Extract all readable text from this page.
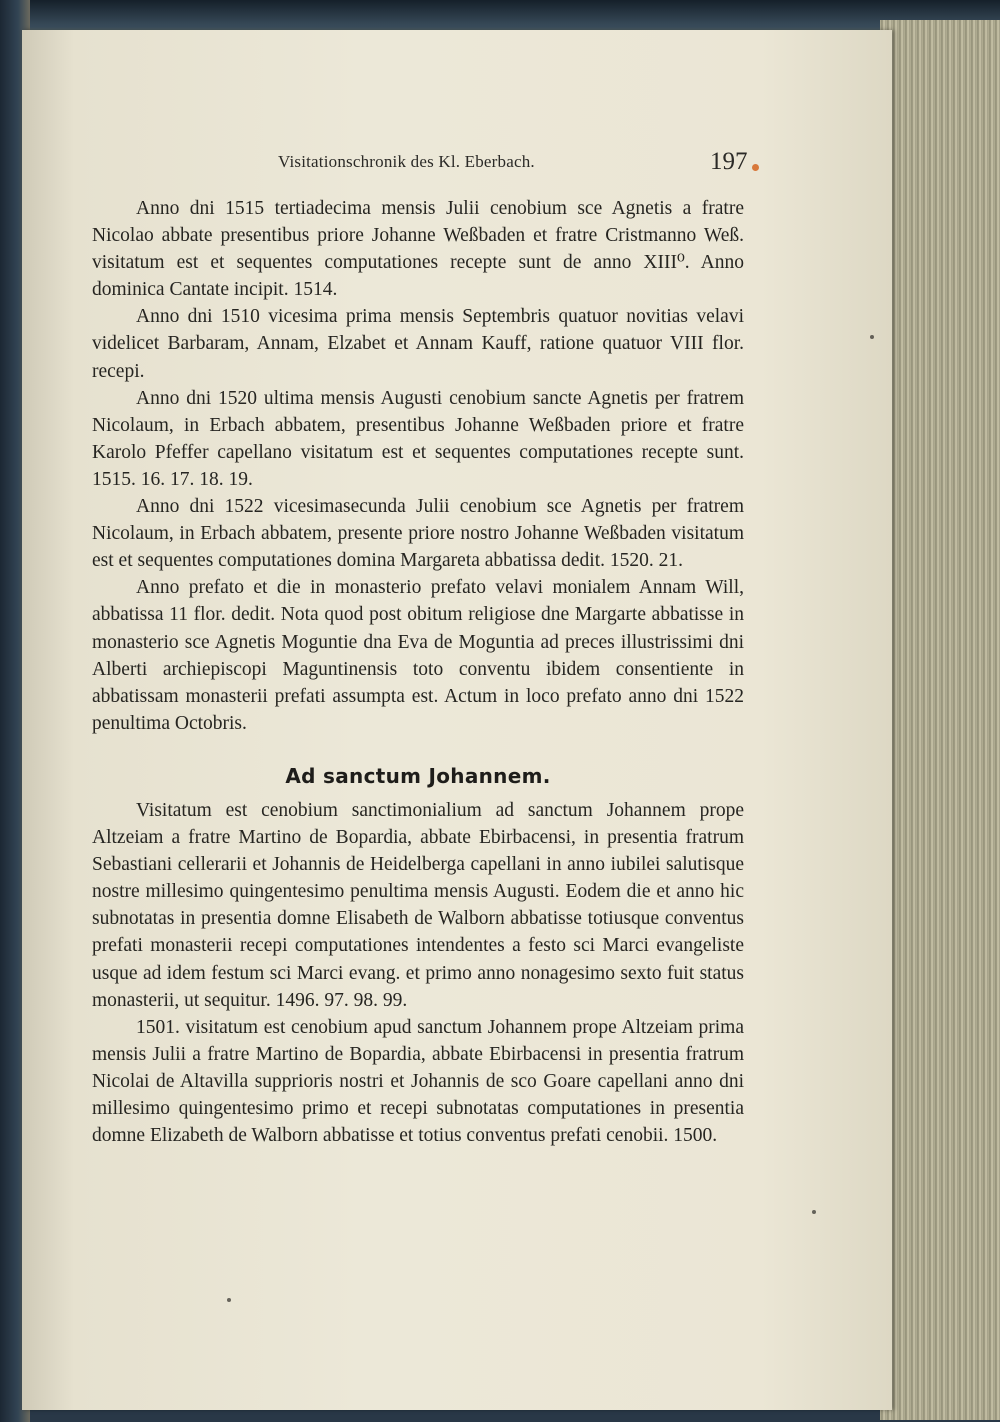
Visitationschronik des Kl. Eberbach.	197

Anno dni 1515 tertiadecima mensis Julii cenobium sce Agnetis a fratre Nicolao abbate presentibus priore Johanne Weßbaden et fratre Cristmanno Weß. visitatum est et sequentes computationes recepte sunt de anno XIII⁰. Anno dominica Cantate incipit. 1514.

Anno dni 1510 vicesima prima mensis Septembris quatuor novitias velavi videlicet Barbaram, Annam, Elzabet et Annam Kauff, ratione quatuor VIII flor. recepi.

Anno dni 1520 ultima mensis Augusti cenobium sancte Agnetis per fratrem Nicolaum, in Erbach abbatem, presentibus Johanne Weßbaden priore et fratre Karolo Pfeffer capellano visitatum est et sequentes computationes recepte sunt. 1515. 16. 17. 18. 19.

Anno dni 1522 vicesimasecunda Julii cenobium sce Agnetis per fratrem Nicolaum, in Erbach abbatem, presente priore nostro Johanne Weßbaden visitatum est et sequentes computationes domina Margareta abbatissa dedit. 1520. 21.

Anno prefato et die in monasterio prefato velavi monialem Annam Will, abbatissa 11 flor. dedit. Nota quod post obitum religiose dne Margarte abbatisse in monasterio sce Agnetis Moguntie dna Eva de Moguntia ad preces illustrissimi dni Alberti archiepiscopi Maguntinensis toto conventu ibidem consentiente in abbatissam monasterii prefati assumpta est. Actum in loco prefato anno dni 1522 penultima Octobris.

Ad sanctum Johannem.

Visitatum est cenobium sanctimonialium ad sanctum Johannem prope Altzeiam a fratre Martino de Bopardia, abbate Ebirbacensi, in presentia fratrum Sebastiani cellerarii et Johannis de Heidelberga capellani in anno iubilei salutisque nostre millesimo quingentesimo penultima mensis Augusti. Eodem die et anno hic subnotatas in presentia domne Elisabeth de Walborn abbatisse totiusque conventus prefati monasterii recepi computationes intendentes a festo sci Marci evangeliste usque ad idem festum sci Marci evang. et primo anno nonagesimo sexto fuit status monasterii, ut sequitur. 1496. 97. 98. 99.

1501. visitatum est cenobium apud sanctum Johannem prope Altzeiam prima mensis Julii a fratre Martino de Bopardia, abbate Ebirbacensi in presentia fratrum Nicolai de Altavilla supprioris nostri et Johannis de sco Goare capellani anno dni millesimo quingentesimo primo et recepi subnotatas computationes in presentia domne Elizabeth de Walborn abbatisse et totius conventus prefati cenobii. 1500.
